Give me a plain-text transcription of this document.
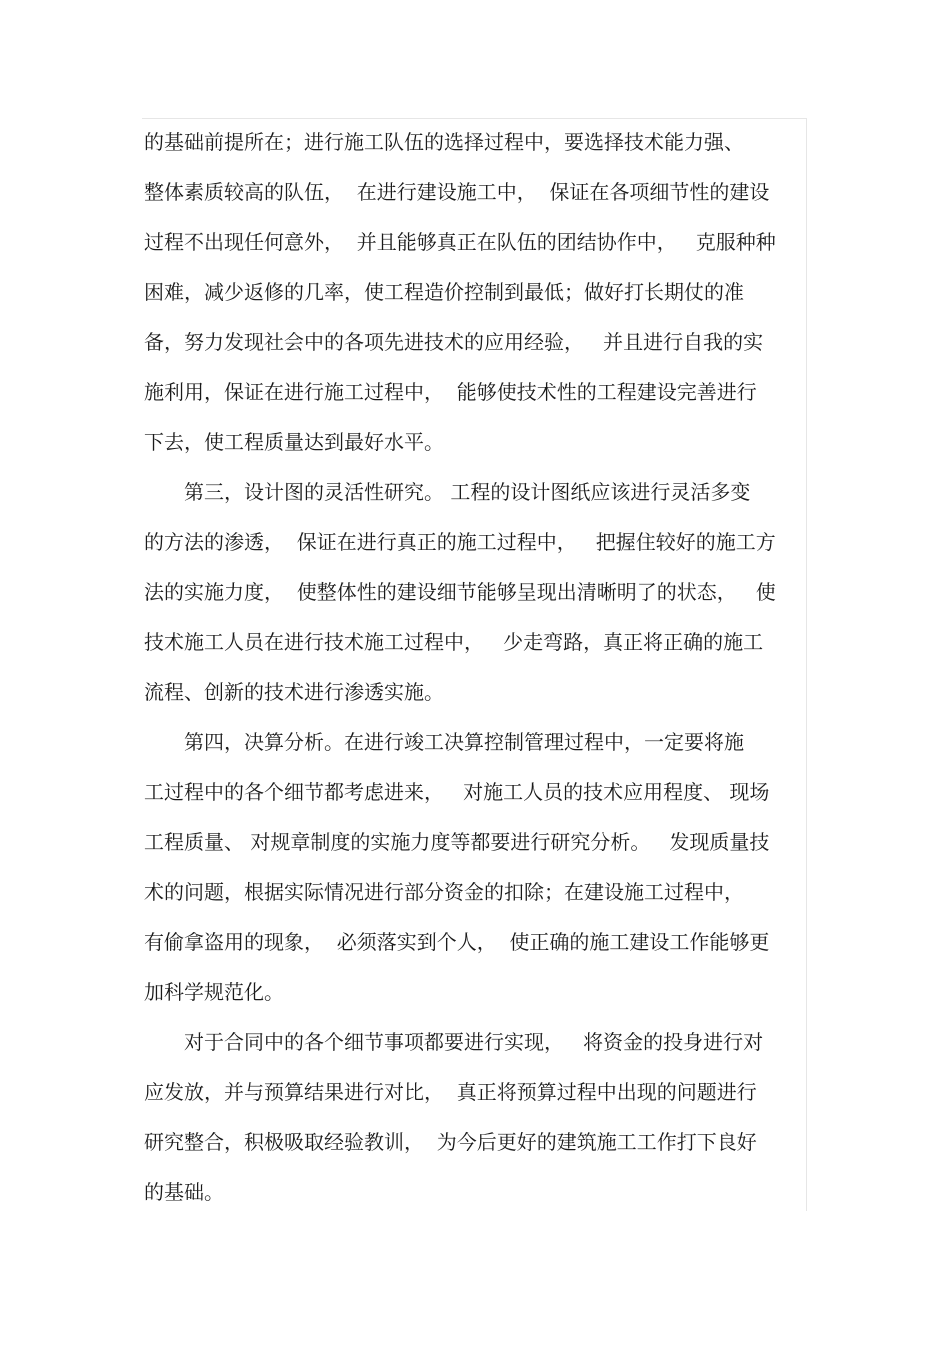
的基础前提所在；进行施工队伍的选择过程中，要选择技术能力强、
整体素质较高的队伍，  在进行建设施工中，  保证在各项细节性的建设
过程不出现任何意外，  并且能够真正在队伍的团结协作中，   克服种种
困难，减少返修的几率，使工程造价控制到最低；做好打长期仗的准
备，努力发现社会中的各项先进技术的应用经验，   并且进行自我的实
施利用，保证在进行施工过程中，  能够使技术性的工程建设完善进行
下去，使工程质量达到最好水平。
　　第三，设计图的灵活性研究。 工程的设计图纸应该进行灵活多变
的方法的渗透，  保证在进行真正的施工过程中，   把握住较好的施工方
法的实施力度，  使整体性的建设细节能够呈现出清晰明了的状态，   使
技术施工人员在进行技术施工过程中，   少走弯路，真正将正确的施工
流程、创新的技术进行渗透实施。
　　第四，决算分析。在进行竣工决算控制管理过程中，一定要将施
工过程中的各个细节都考虑进来，   对施工人员的技术应用程度、 现场
工程质量、 对规章制度的实施力度等都要进行研究分析。   发现质量技
术的问题，根据实际情况进行部分资金的扣除；在建设施工过程中，
有偷拿盗用的现象，  必须落实到个人，  使正确的施工建设工作能够更
加科学规范化。
　　对于合同中的各个细节事项都要进行实现，   将资金的投身进行对
应发放，并与预算结果进行对比，  真正将预算过程中出现的问题进行
研究整合，积极吸取经验教训，  为今后更好的建筑施工工作打下良好
的基础。
